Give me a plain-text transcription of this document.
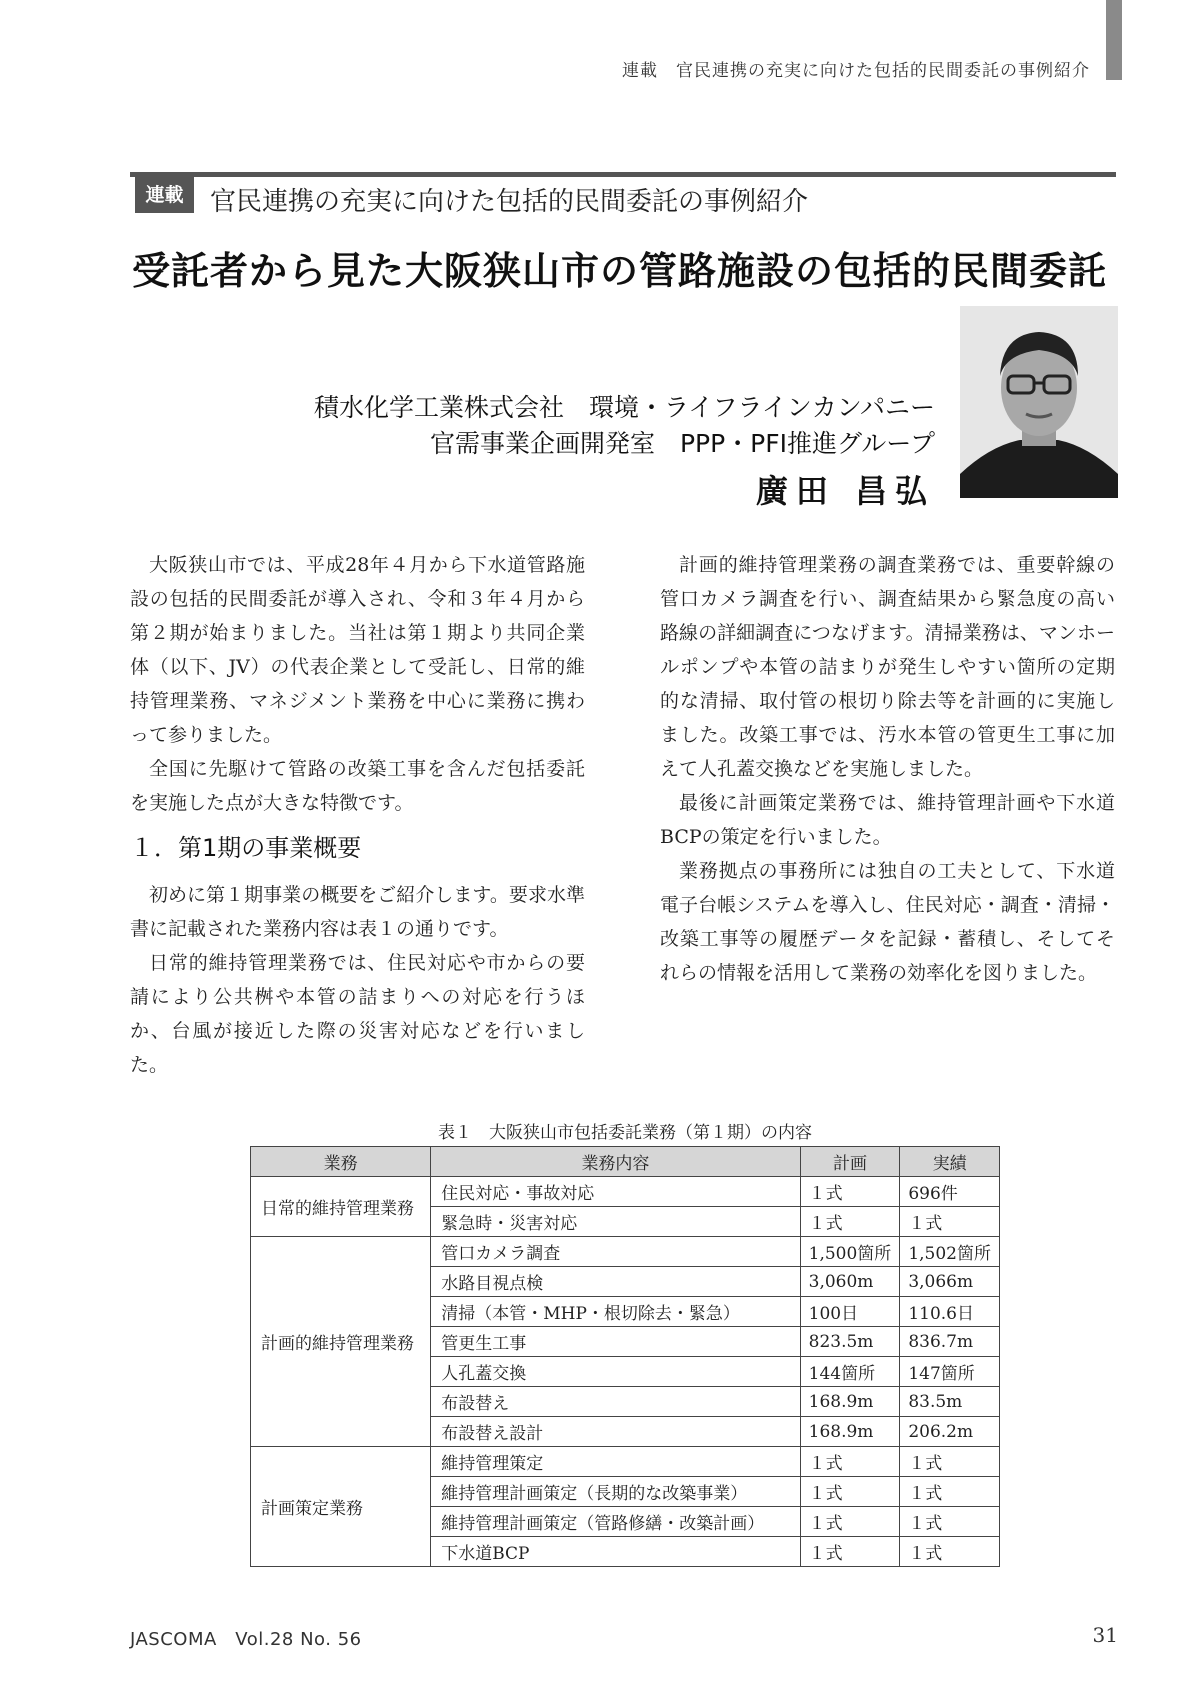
連載　官民連携の充実に向けた包括的民間委託の事例紹介
連載	官民連携の充実に向けた包括的民間委託の事例紹介
受託者から見た大阪狭山市の管路施設の包括的民間委託
積水化学工業株式会社　環境・ライフラインカンパニー
官需事業企画開発室　PPP・PFI推進グループ
廣田 昌弘

大阪狭山市では、平成28年４月から下水道管路施設の包括的民間委託が導入され、令和３年４月から第２期が始まりました。当社は第１期より共同企業体（以下、JV）の代表企業として受託し、日常的維持管理業務、マネジメント業務を中心に業務に携わって参りました。

全国に先駆けて管路の改築工事を含んだ包括委託を実施した点が大きな特徴です。

１．第1期の事業概要

初めに第１期事業の概要をご紹介します。要求水準書に記載された業務内容は表１の通りです。

日常的維持管理業務では、住民対応や市からの要請により公共桝や本管の詰まりへの対応を行うほか、台風が接近した際の災害対応などを行いました。

計画的維持管理業務の調査業務では、重要幹線の管口カメラ調査を行い、調査結果から緊急度の高い路線の詳細調査につなげます。清掃業務は、マンホールポンプや本管の詰まりが発生しやすい箇所の定期的な清掃、取付管の根切り除去等を計画的に実施しました。改築工事では、汚水本管の管更生工事に加えて人孔蓋交換などを実施しました。

最後に計画策定業務では、維持管理計画や下水道BCPの策定を行いました。

業務拠点の事務所には独自の工夫として、下水道電子台帳システムを導入し、住民対応・調査・清掃・改築工事等の履歴データを記録・蓄積し、そしてそれらの情報を活用して業務の効率化を図りました。

表１　大阪狭山市包括委託業務（第１期）の内容
業務	業務内容	計画	実績
日常的維持管理業務	住民対応・事故対応	１式	696件
	緊急時・災害対応	１式	１式
計画的維持管理業務	管口カメラ調査	1,500箇所	1,502箇所
	水路目視点検	3,060m	3,066m
	清掃（本管・MHP・根切除去・緊急）	100日	110.6日
	管更生工事	823.5m	836.7m
	人孔蓋交換	144箇所	147箇所
	布設替え	168.9m	83.5m
	布設替え設計	168.9m	206.2m
計画策定業務	維持管理策定	１式	１式
	維持管理計画策定（長期的な改築事業）	１式	１式
	維持管理計画策定（管路修繕・改築計画）	１式	１式
	下水道BCP	１式	１式
JASCOMA　Vol.28 No. 56	31
